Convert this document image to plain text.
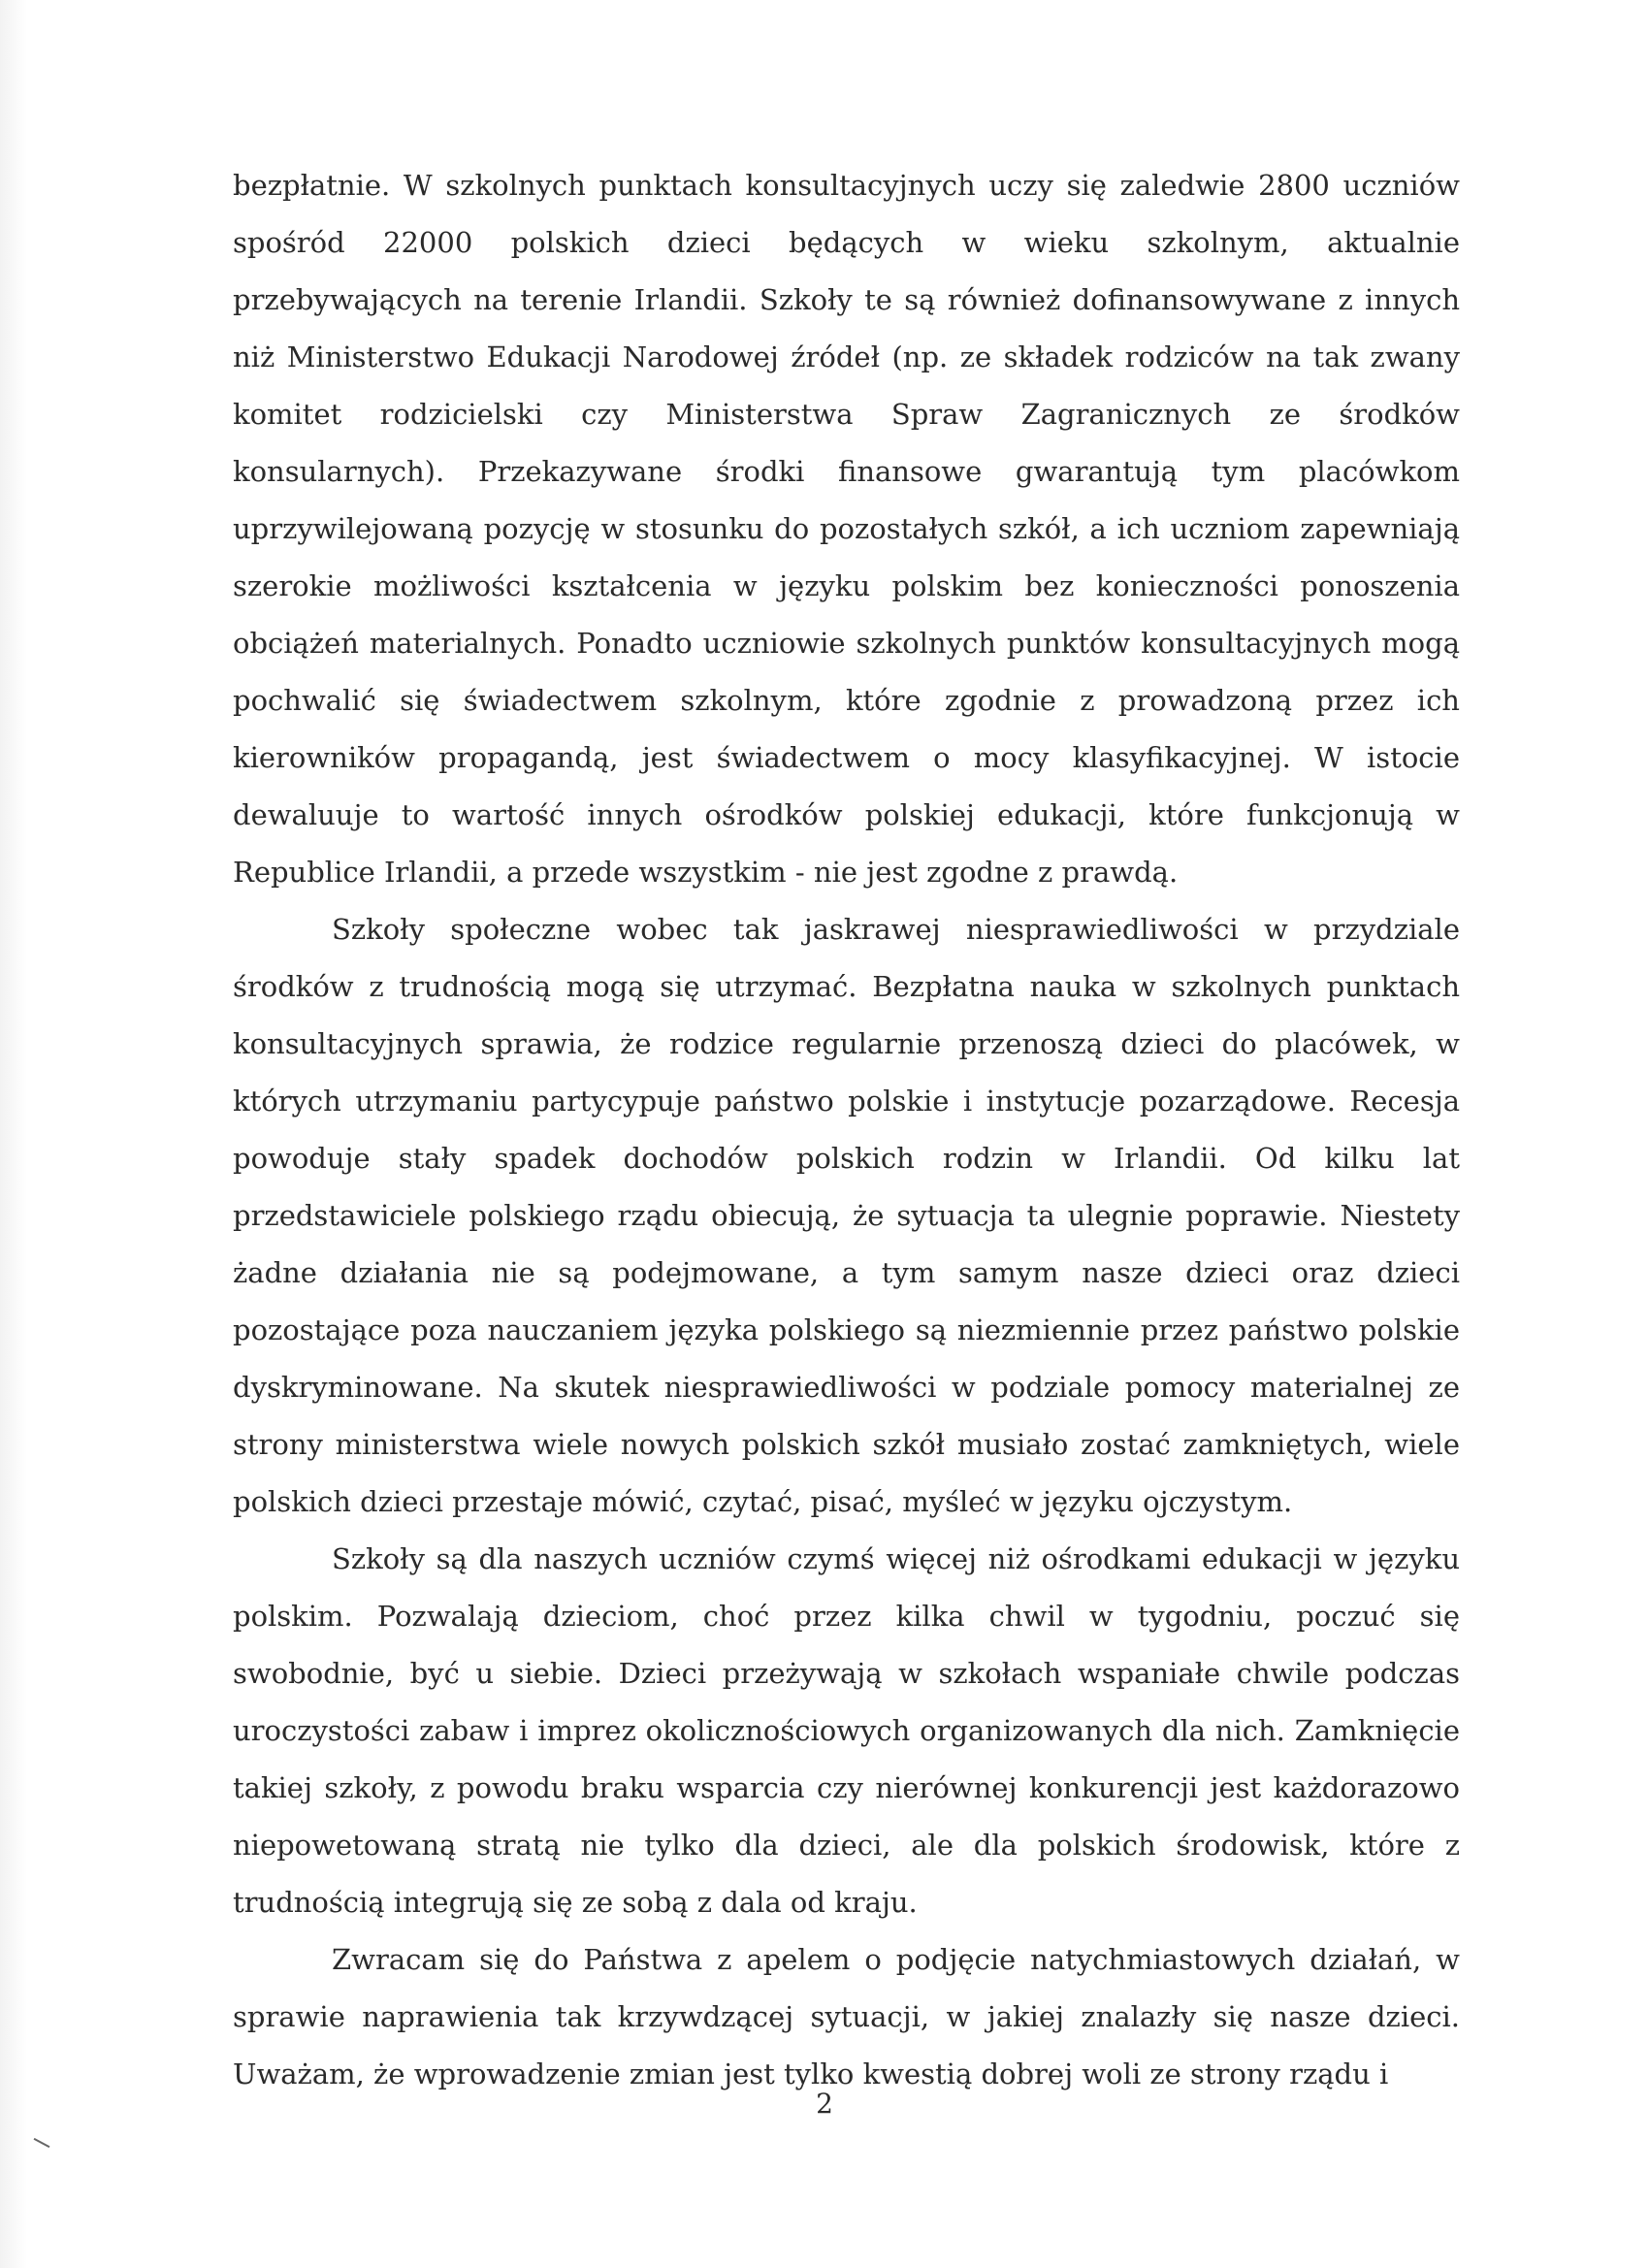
bezpłatnie. W szkolnych punktach konsultacyjnych uczy się zaledwie 2800 uczniów spośród 22000 polskich dzieci będących w wieku szkolnym, aktualnie przebywających na terenie Irlandii. Szkoły te są również dofinansowywane z innych niż Ministerstwo Edukacji Narodowej źródeł (np. ze składek rodziców na tak zwany komitet rodzicielski czy Ministerstwa Spraw Zagranicznych ze środków konsularnych). Przekazywane środki finansowe gwarantują tym placówkom uprzywilejowaną pozycję w stosunku do pozostałych szkół, a ich uczniom zapewniają szerokie możliwości kształcenia w języku polskim bez konieczności ponoszenia obciążeń materialnych. Ponadto uczniowie szkolnych punktów konsultacyjnych mogą pochwalić się świadectwem szkolnym, które zgodnie z prowadzoną przez ich kierowników propagandą, jest świadectwem o mocy klasyfikacyjnej. W istocie dewaluuje to wartość innych ośrodków polskiej edukacji, które funkcjonują w Republice Irlandii, a przede wszystkim - nie jest zgodne z prawdą.

Szkoły społeczne wobec tak jaskrawej niesprawiedliwości w przydziale środków z trudnością mogą się utrzymać. Bezpłatna nauka w szkolnych punktach konsultacyjnych sprawia, że rodzice regularnie przenoszą dzieci do placówek, w których utrzymaniu partycypuje państwo polskie i instytucje pozarządowe. Recesja powoduje stały spadek dochodów polskich rodzin w Irlandii. Od kilku lat przedstawiciele polskiego rządu obiecują, że sytuacja ta ulegnie poprawie. Niestety żadne działania nie są podejmowane, a tym samym nasze dzieci oraz dzieci pozostające poza nauczaniem języka polskiego są niezmiennie przez państwo polskie dyskryminowane. Na skutek niesprawiedliwości w podziale pomocy materialnej ze strony ministerstwa wiele nowych polskich szkół musiało zostać zamkniętych, wiele polskich dzieci przestaje mówić, czytać, pisać, myśleć w języku ojczystym.

Szkoły są dla naszych uczniów czymś więcej niż ośrodkami edukacji w języku polskim. Pozwalają dzieciom, choć przez kilka chwil w tygodniu, poczuć się swobodnie, być u siebie. Dzieci przeżywają w szkołach wspaniałe chwile podczas uroczystości zabaw i imprez okolicznościowych organizowanych dla nich. Zamknięcie takiej szkoły, z powodu braku wsparcia czy nierównej konkurencji jest każdorazowo niepowetowaną stratą nie tylko dla dzieci, ale dla polskich środowisk, które z trudnością integrują się ze sobą z dala od kraju.

Zwracam się do Państwa z apelem o podjęcie natychmiastowych działań, w sprawie naprawienia tak krzywdzącej sytuacji, w jakiej znalazły się nasze dzieci. Uważam, że wprowadzenie zmian jest tylko kwestią dobrej woli ze strony rządu i

2
